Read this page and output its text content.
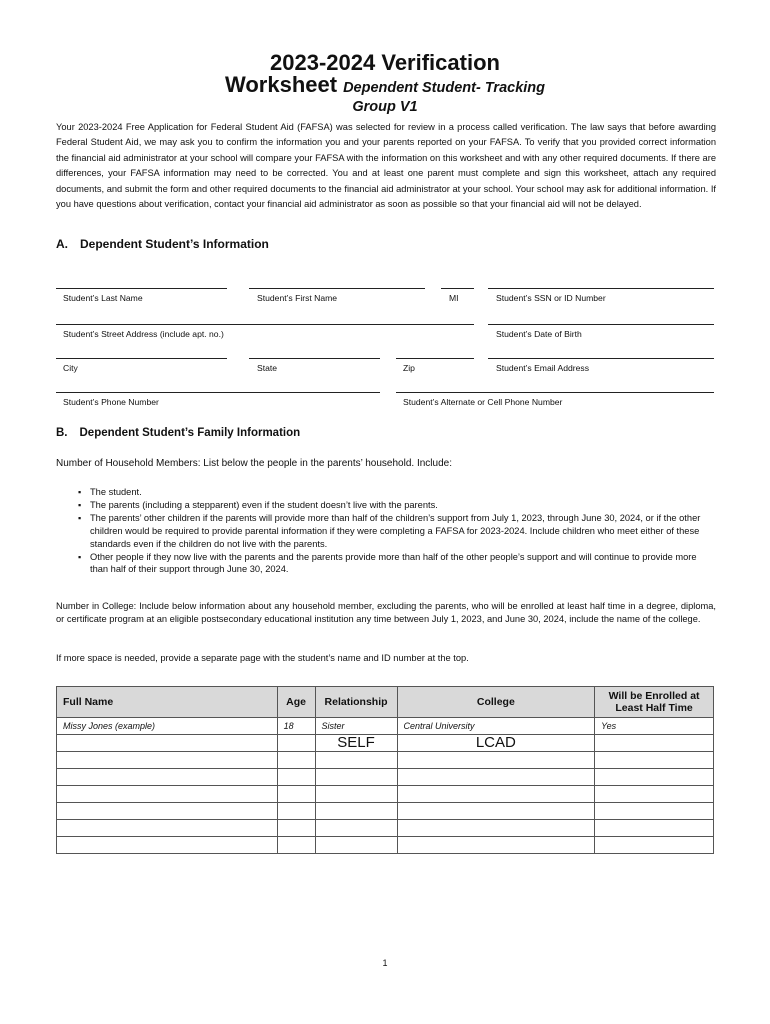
2023-2024 Verification
Worksheet Dependent Student- Tracking
Group V1
Your 2023-2024 Free Application for Federal Student Aid (FAFSA) was selected for review in a process called verification. The law says that before awarding Federal Student Aid, we may ask you to confirm the information you and your parents reported on your FAFSA. To verify that you provided correct information the financial aid administrator at your school will compare your FAFSA with the information on this worksheet and with any other required documents. If there are differences, your FAFSA information may need to be corrected. You and at least one parent must complete and sign this worksheet, attach any required documents, and submit the form and other required documents to the financial aid administrator at your school. Your school may ask for additional information. If you have questions about verification, contact your financial aid administrator as soon as possible so that your financial aid will not be delayed.
A. Dependent Student’s Information
Student’s Last Name	Student’s First Name	MI	Student’s SSN or ID Number
Student’s Street Address (include apt. no.)	Student’s Date of Birth
City	State	Zip	Student’s Email Address
Student’s Phone Number	Student’s Alternate or Cell Phone Number
B. Dependent Student’s Family Information
Number of Household Members: List below the people in the parents’ household. Include:
▪ The student.
▪ The parents (including a stepparent) even if the student doesn’t live with the parents.
▪ The parents’ other children if the parents will provide more than half of the children’s support from July 1, 2023, through June 30, 2024, or if the other children would be required to provide parental information if they were completing a FAFSA for 2023-2024. Include children who meet either of these standards even if the children do not live with the parents.
▪ Other people if they now live with the parents and the parents provide more than half of the other people’s support and will continue to provide more than half of their support through June 30, 2024.
Number in College: Include below information about any household member, excluding the parents, who will be enrolled at least half time in a degree, diploma, or certificate program at an eligible postsecondary educational institution any time between July 1, 2023, and June 30, 2024, include the name of the college.
If more space is needed, provide a separate page with the student’s name and ID number at the top.
Full Name	Age	Relationship	College	Will be Enrolled at Least Half Time
Missy Jones (example)	18	Sister	Central University	Yes
		SELF	LCAD	

1
